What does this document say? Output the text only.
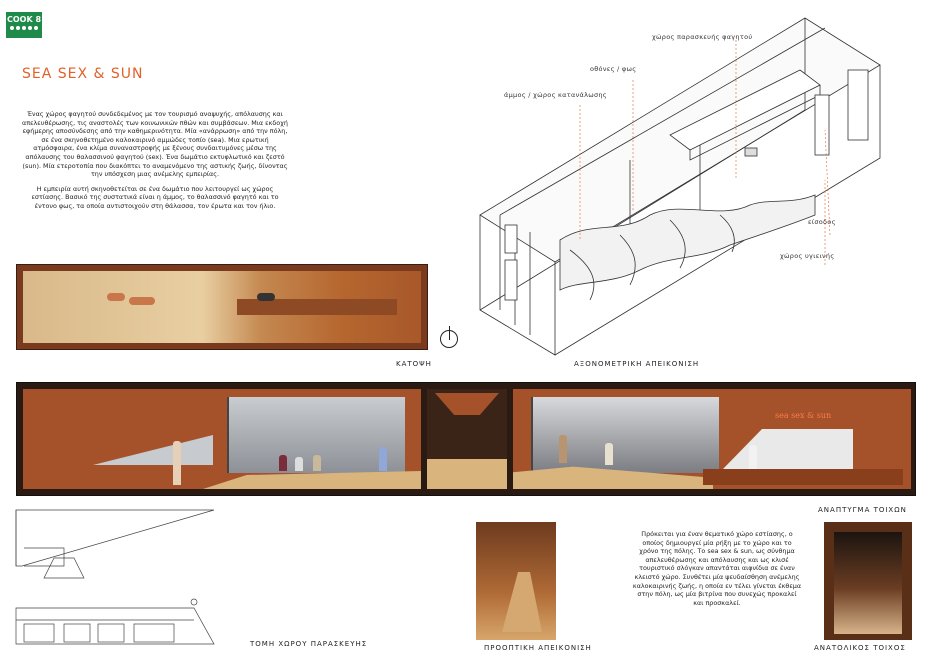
COOK 8
SEA SEX & SUN

Ένας χώρος φαγητού συνδεδεμένος με τον τουρισμό αναψυχής, απόλαυσης και απελευθέρωσης, τις αναστολές των κοινωνικών πθών και συμβάσεων. Μια εκδοχή εφήμερης αποσύνδεσης από την καθημερινότητα. Μία «ανάρρωση» από την πόλη, σε ένα σκηνοθετημένο καλοκαιρινό αμμώδες τοπίο (sea). Μια ερωτική ατμόσφαιρα, ένα κλίμα συναναστροφής με ξένους συνδαιτυμόνες μέσω της απόλαυσης του θαλασσινού φαγητού (sex). Ένα δωμάτιο εκτυφλωτικό και ζεστό (sun). Μία ετεροτοπία που διακόπτει το αναμενόμενο της αστικής ζωής, δίνοντας την υπόσχεση μιας ανέμελης εμπειρίας.

Η εμπειρία αυτή σκηνοθετείται σε ένα δωμάτιο που λειτουργεί ως χώρος εστίασης. Βασικό της συστατικά είναι η άμμος, το θαλασσινό φαγητό και το έντονο φως, τα οποία αντιστοιχούν στη θάλασσα, τον έρωτα και τον ήλιο.

χώρος παρασκευής φαγητού
οθόνες / φως
άμμος / χώρος κατανάλωσης
είσοδος
χώρος υγιεινής
ΚΑΤΟΨΗ	ΑΞΟΝΟΜΕΤΡΙΚΗ ΑΠΕΙΚΟΝΙΣΗ
sea sex & sun
ΑΝΑΠΤΥΓΜΑ ΤΟΙΧΩΝ
ΤΟΜΗ ΧΩΡΟΥ ΠΑΡΑΣΚΕΥΗΣ	ΠΡΟΟΠΤΙΚΗ ΑΠΕΙΚΟΝΙΣΗ
Πρόκειται για έναν θεματικό χώρο εστίασης, ο οποίος δημιουργεί μία ρήξη με το χώρο και το χρόνο της πόλης. Το sea sex & sun, ως σύνθημα απελευθέρωσης και απόλαυσης και ως κλισέ τουριστικό σλόγκαν απαντάται αιφνίδια σε έναν κλειστό χώρο. Συνθέτει μία ψευδαίσθηση ανέμελης καλοκαιρινής ζωής, η οποία εν τέλει γίνεται έκθεμα στην πόλη, ως μία βιτρίνα που συνεχώς προκαλεί και προσκαλεί.
ΑΝΑΤΟΛΙΚΟΣ ΤΟΙΧΟΣ
